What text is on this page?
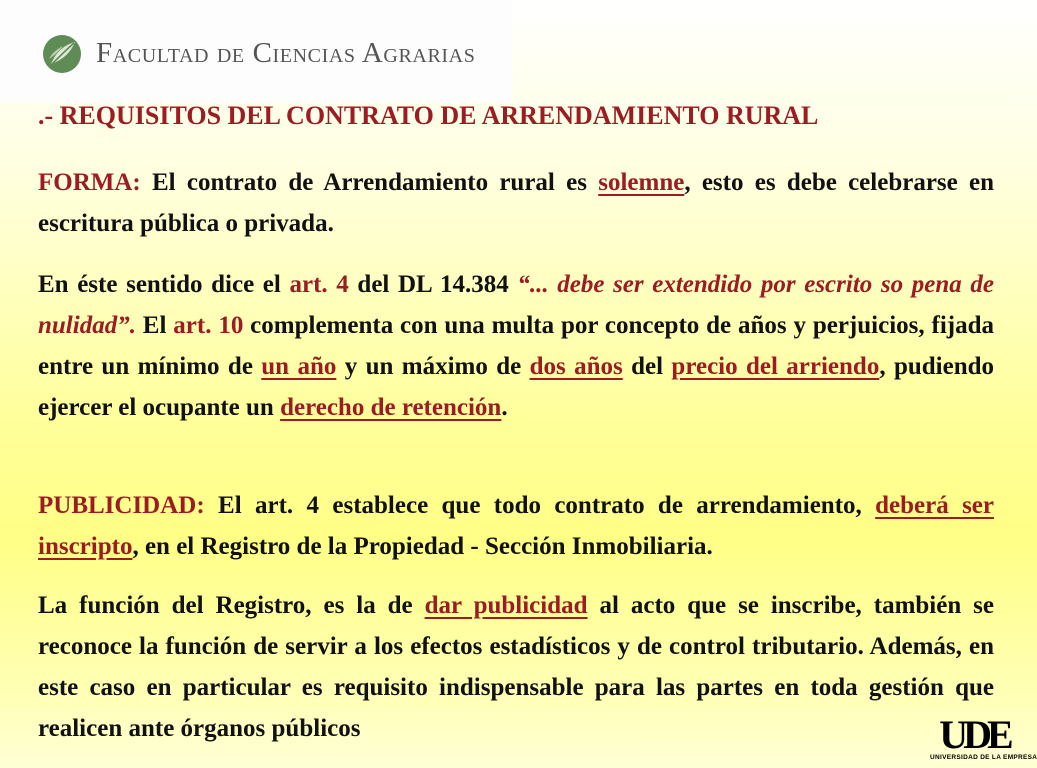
Facultad de Ciencias Agrarias
.- REQUISITOS DEL CONTRATO DE ARRENDAMIENTO RURAL
FORMA: El contrato de Arrendamiento rural es solemne, esto es debe celebrarse en escritura pública o privada.
En éste sentido dice el art. 4 del DL 14.384 “... debe ser extendido por escrito so pena de nulidad”. El art. 10 complementa con una multa por concepto de años y perjuicios, fijada entre un mínimo de un año y un máximo de dos años del precio del arriendo, pudiendo ejercer el ocupante un derecho de retención.
PUBLICIDAD: El art. 4 establece que todo contrato de arrendamiento, deberá ser inscripto, en el Registro de la Propiedad - Sección Inmobiliaria.
La función del Registro, es la de dar publicidad al acto que se inscribe, también se reconoce la función de servir a los efectos estadísticos y de control tributario. Además, en este caso en particular es requisito indispensable para las partes en toda gestión que realicen ante órganos públicos	UDE
UNIVERSIDAD DE LA EMPRESA
